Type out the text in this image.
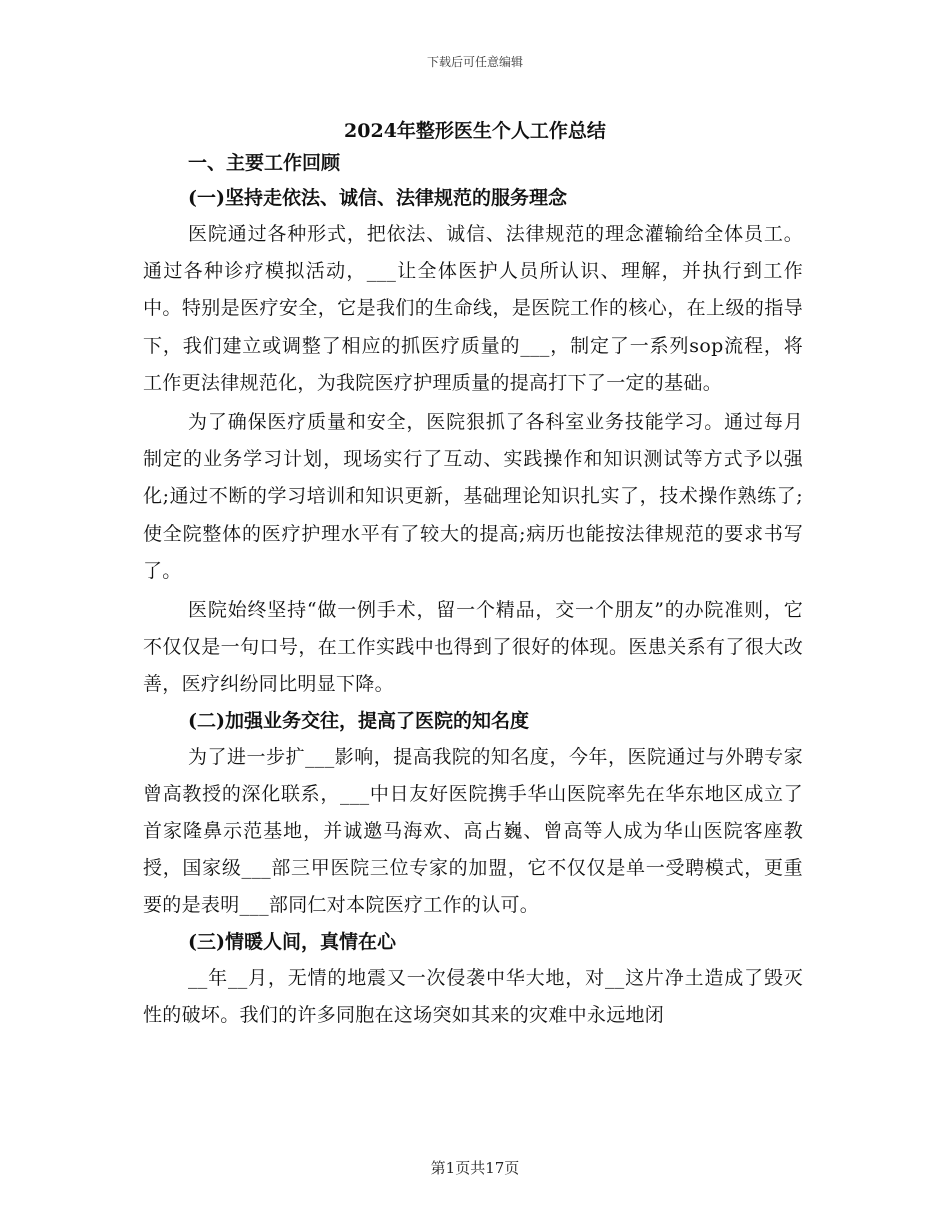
下载后可任意编辑
2024年整形医生个人工作总结
一、主要工作回顾
(一)坚持走依法、诚信、法律规范的服务理念

医院通过各种形式，把依法、诚信、法律规范的理念灌输给全体员工。通过各种诊疗模拟活动，___让全体医护人员所认识、理解，并执行到工作中。特别是医疗安全，它是我们的生命线，是医院工作的核心，在上级的指导下，我们建立或调整了相应的抓医疗质量的___，制定了一系列sop流程，将工作更法律规范化，为我院医疗护理质量的提高打下了一定的基础。

为了确保医疗质量和安全，医院狠抓了各科室业务技能学习。通过每月制定的业务学习计划，现场实行了互动、实践操作和知识测试等方式予以强化;通过不断的学习培训和知识更新，基础理论知识扎实了，技术操作熟练了;使全院整体的医疗护理水平有了较大的提高;病历也能按法律规范的要求书写了。

医院始终坚持“做一例手术，留一个精品，交一个朋友”的办院准则，它不仅仅是一句口号，在工作实践中也得到了很好的体现。医患关系有了很大改善，医疗纠纷同比明显下降。

(二)加强业务交往，提高了医院的知名度

为了进一步扩___影响，提高我院的知名度，今年，医院通过与外聘专家曾高教授的深化联系，___中日友好医院携手华山医院率先在华东地区成立了首家隆鼻示范基地，并诚邀马海欢、高占巍、曾高等人成为华山医院客座教授，国家级___部三甲医院三位专家的加盟，它不仅仅是单一受聘模式，更重要的是表明___部同仁对本院医疗工作的认可。

(三)情暖人间，真情在心

__年__月，无情的地震又一次侵袭中华大地，对__这片净土造成了毁灭性的破坏。我们的许多同胞在这场突如其来的灾难中永远地闭

第1页共17页
